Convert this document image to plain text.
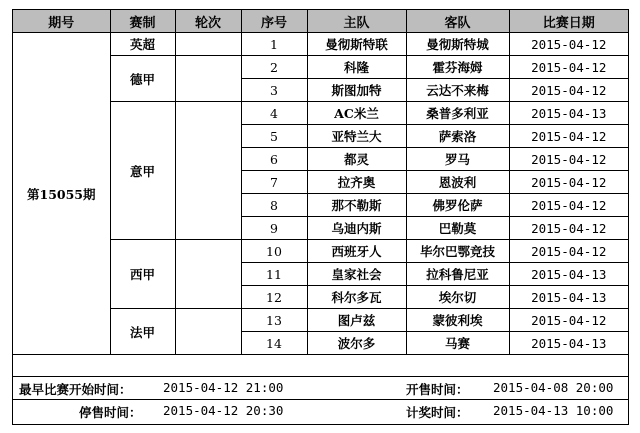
期号	赛制	轮次	序号	主队	客队	比赛日期
第15055期	英超		1	曼彻斯特联	曼彻斯特城	2015-04-12
	德甲		2	科隆	霍芬海姆	2015-04-12
			3	斯图加特	云达不来梅	2015-04-12
	意甲		4	AC米兰	桑普多利亚	2015-04-13
			5	亚特兰大	萨索洛	2015-04-12
			6	都灵	罗马	2015-04-12
			7	拉齐奥	恩波利	2015-04-12
			8	那不勒斯	佛罗伦萨	2015-04-12
			9	乌迪内斯	巴勒莫	2015-04-12
	西甲		10	西班牙人	毕尔巴鄂竞技	2015-04-12
			11	皇家社会	拉科鲁尼亚	2015-04-13
			12	科尔多瓦	埃尔切	2015-04-13
	法甲		13	图卢兹	蒙彼利埃	2015-04-12
			14	波尔多	马赛	2015-04-13
最早比赛开始时间：	2015-04-12 21:00	开售时间： 2015-04-08 20:00
停售时间： 2015-04-12 20:30	计奖时间： 2015-04-13 10:00
